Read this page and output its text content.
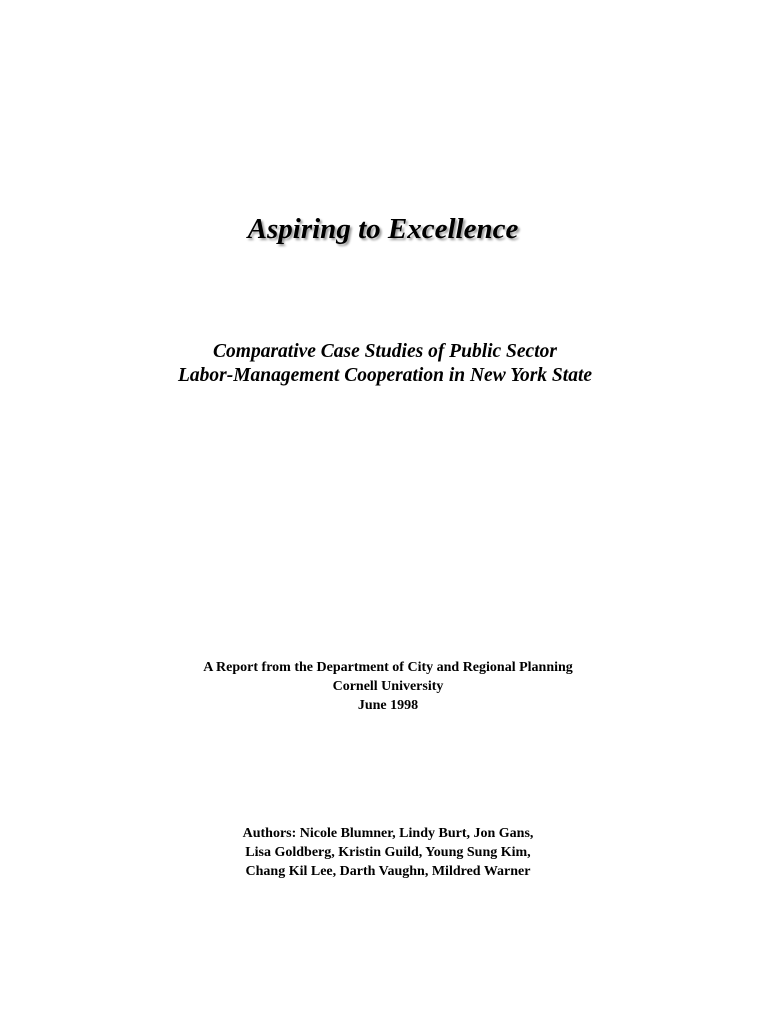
Aspiring to Excellence
Comparative Case Studies of Public Sector
Labor-Management Cooperation in New York State
A Report from the Department of City and Regional Planning
Cornell University
June 1998
Authors: Nicole Blumner, Lindy Burt, Jon Gans,
Lisa Goldberg, Kristin Guild, Young Sung Kim,
Chang Kil Lee, Darth Vaughn, Mildred Warner
